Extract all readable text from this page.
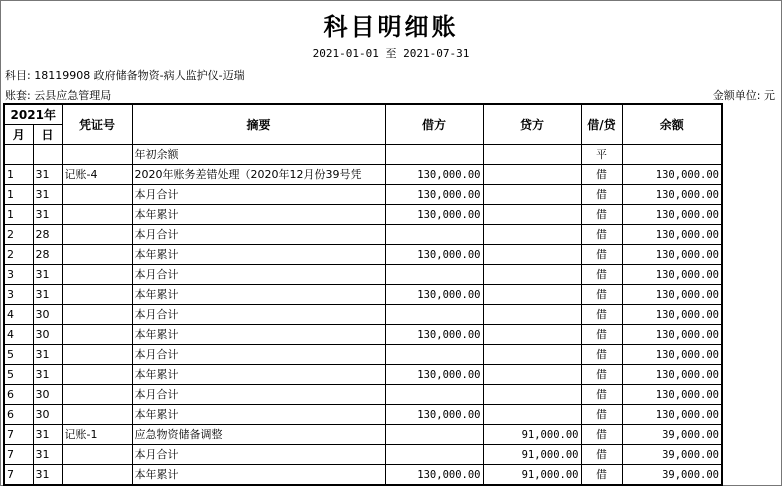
科目明细账
2021-01-01 至 2021-07-31
科目: 18119908 政府储备物资-病人监护仪-迈瑞
账套: 云县应急管理局	金额单位: 元
2021年		凭证号	摘要	借方	贷方	借/贷	余额
月	日						
			年初余额			平	
1	31	记账-4	2020年账务差错处理（2020年12月份39号凭	130,000.00		借	130,000.00
1	31		本月合计	130,000.00		借	130,000.00
1	31		本年累计	130,000.00		借	130,000.00
2	28		本月合计			借	130,000.00
2	28		本年累计	130,000.00		借	130,000.00
3	31		本月合计			借	130,000.00
3	31		本年累计	130,000.00		借	130,000.00
4	30		本月合计			借	130,000.00
4	30		本年累计	130,000.00		借	130,000.00
5	31		本月合计			借	130,000.00
5	31		本年累计	130,000.00		借	130,000.00
6	30		本月合计			借	130,000.00
6	30		本年累计	130,000.00		借	130,000.00
7	31	记账-1	应急物资储备调整		91,000.00	借	39,000.00
7	31		本月合计		91,000.00	借	39,000.00
7	31		本年累计	130,000.00	91,000.00	借	39,000.00
